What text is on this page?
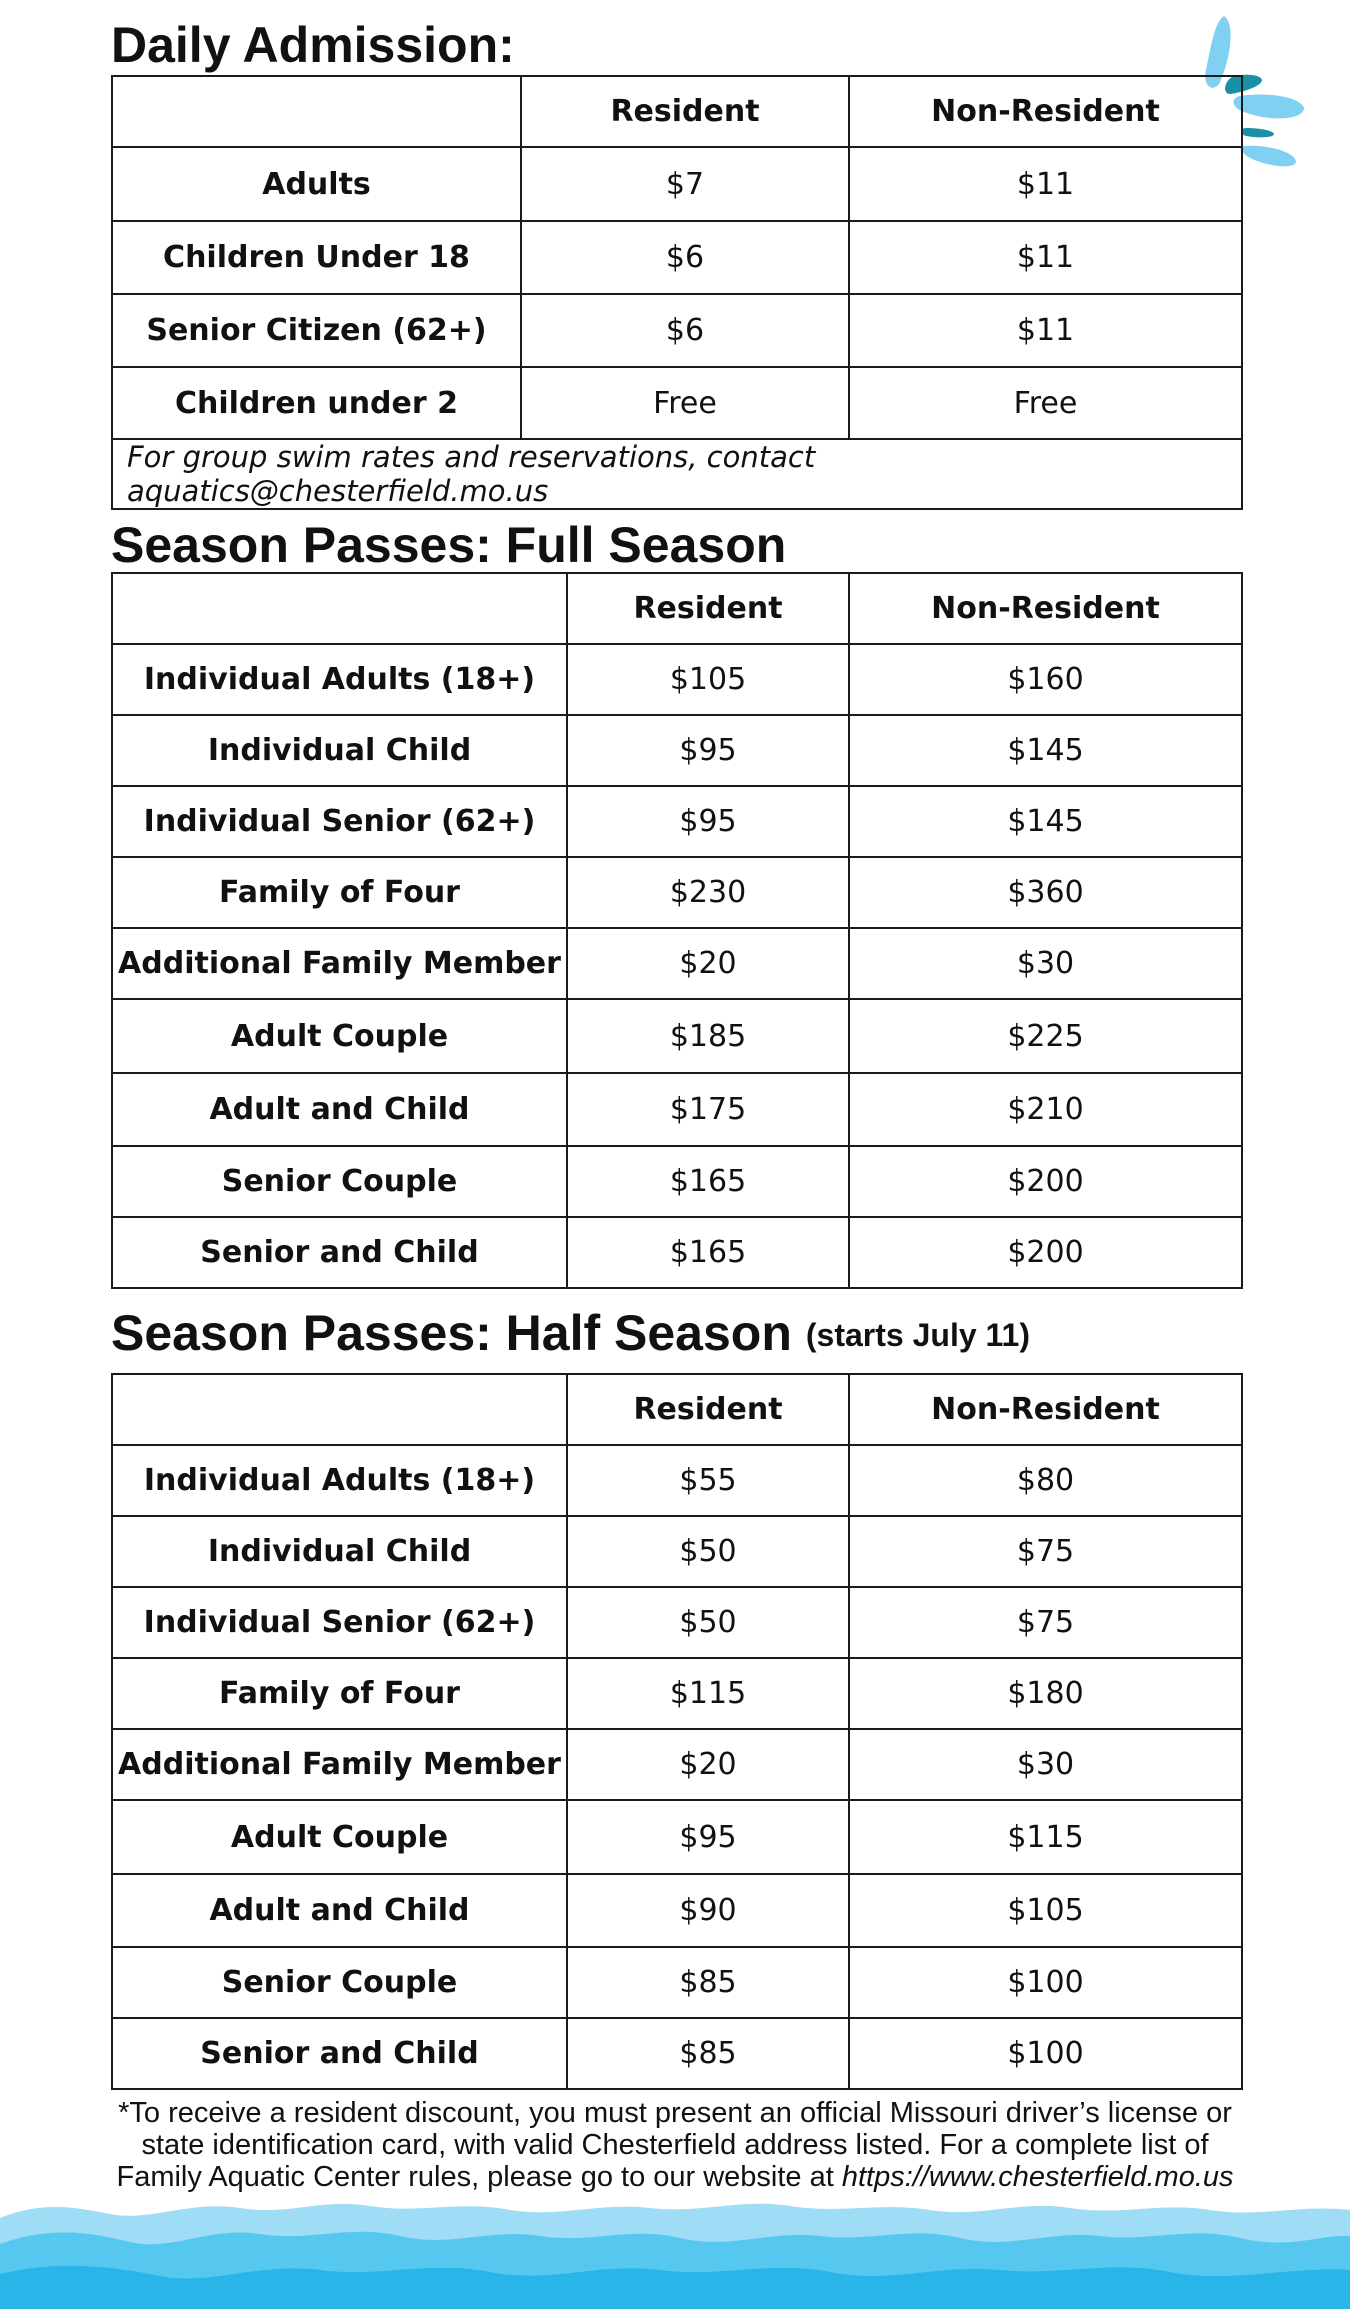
Daily Admission:
	Resident	Non-Resident
Adults	$7	$11
Children Under 18	$6	$11
Senior Citizen (62+)	$6	$11
Children under 2	Free	Free
For group swim rates and reservations, contact aquatics@chesterfield.mo.us		
Season Passes: Full Season
	Resident	Non-Resident
Individual Adults (18+)	$105	$160
Individual Child	$95	$145
Individual Senior (62+)	$95	$145
Family of Four	$230	$360
Additional Family Member	$20	$30
Adult Couple	$185	$225
Adult and Child	$175	$210
Senior Couple	$165	$200
Senior and Child	$165	$200
Season Passes: Half Season (starts July 11)
	Resident	Non-Resident
Individual Adults (18+)	$55	$80
Individual Child	$50	$75
Individual Senior (62+)	$50	$75
Family of Four	$115	$180
Additional Family Member	$20	$30
Adult Couple	$95	$115
Adult and Child	$90	$105
Senior Couple	$85	$100
Senior and Child	$85	$100

*To receive a resident discount, you must present an official Missouri driver’s license or state identification card, with valid Chesterfield address listed. For a complete list of Family Aquatic Center rules, please go to our website at https://www.chesterfield.mo.us
